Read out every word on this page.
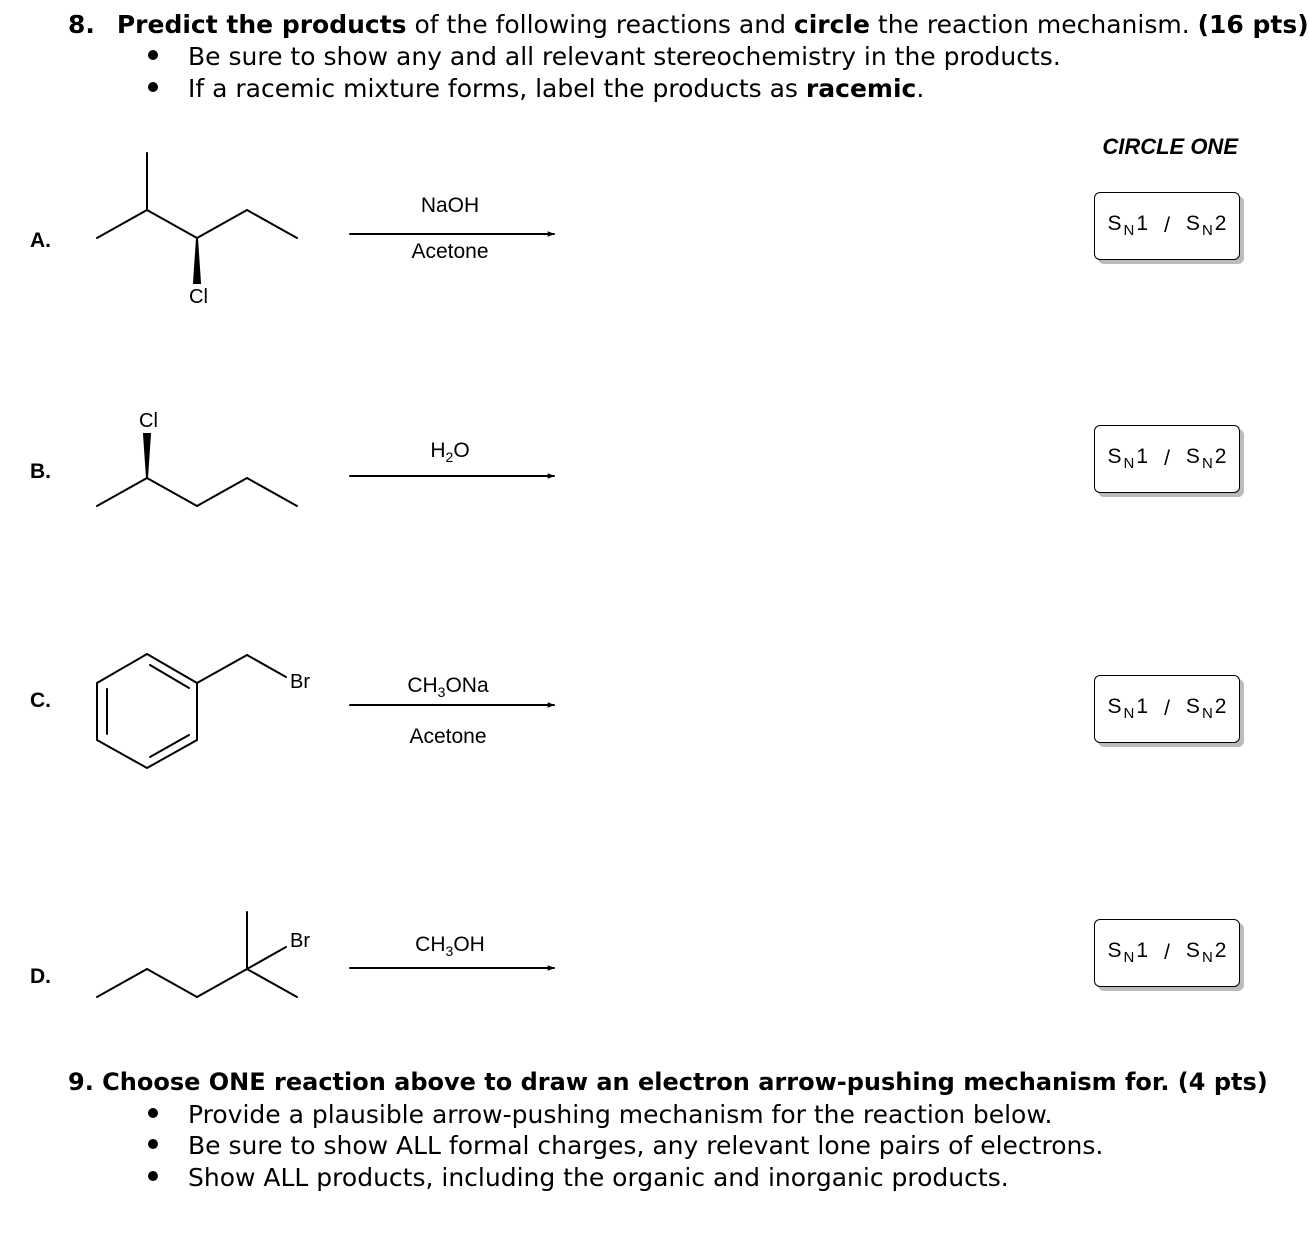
8. Predict the products of the following reactions and circle the reaction mechanism. (16 pts)
Be sure to show any and all relevant stereochemistry in the products.
If a racemic mixture forms, label the products as racemic.
CIRCLE ONE
A.
B.
C.
D.
Cl
Cl
Br
Br
NaOH
Acetone
$H_2O$
$CH_3ONa$
Acetone
$CH_3OH$
S $_N$1 / S $_N$2
S $_N$1 / S $_N$2
S $_N$1 / S $_N$2
S $_N$1 / S $_N$2
9. Choose ONE reaction above to draw an electron arrow-pushing mechanism for. (4 pts)
Provide a plausible arrow-pushing mechanism for the reaction below.
Be sure to show ALL formal charges, any relevant lone pairs of electrons.
Show ALL products, including the organic and inorganic products.
